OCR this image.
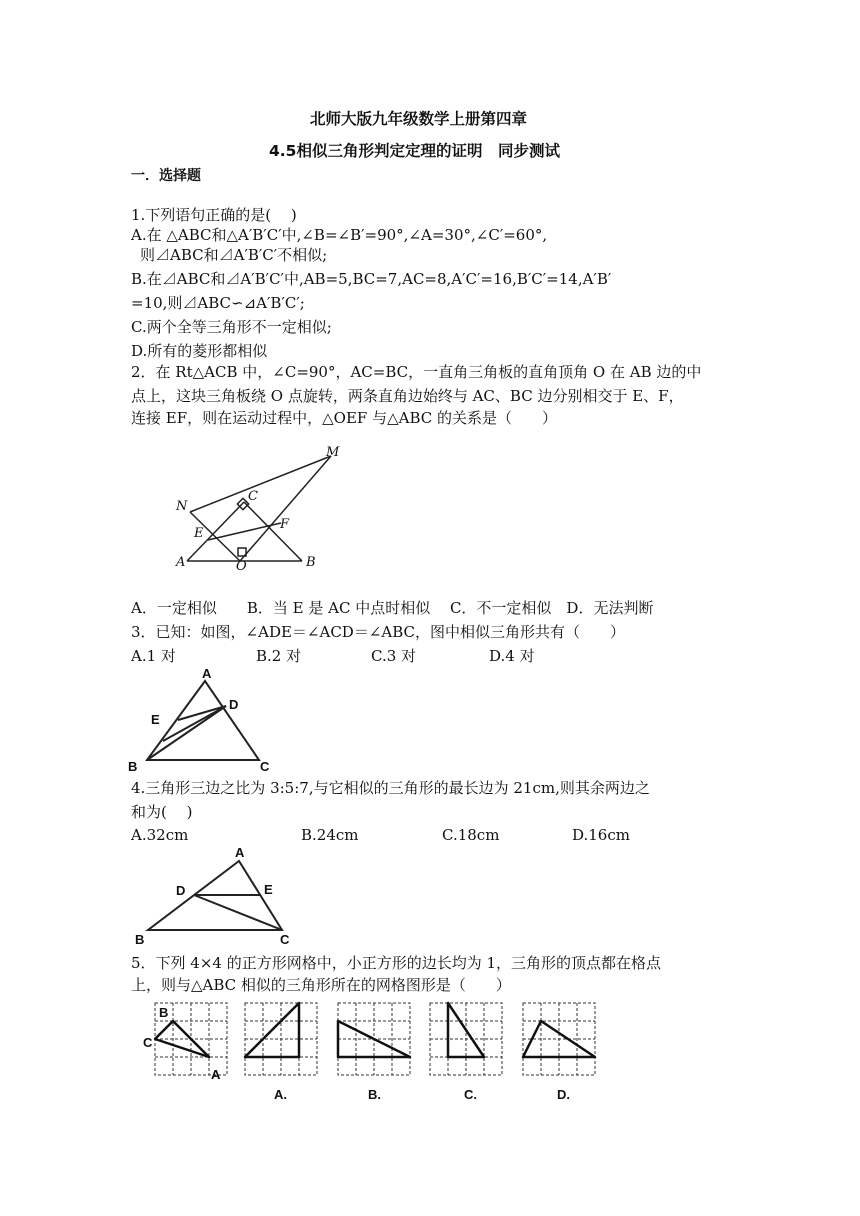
北师大版九年级数学上册第四章
4.5相似三角形判定定理的证明　同步测试
一．选择题
1.下列语句正确的是(　 )
A.在 △ABC和△A′B′C′中,∠B=∠B′=90°,∠A=30°,∠C′=60°,
则⊿ABC和⊿A′B′C′不相似;
B.在⊿ABC和⊿A′B′C′中,AB=5,BC=7,AC=8,A′C′=16,B′C′=14,A′B′
=10,则⊿ABC∽⊿A′B′C′;
C.两个全等三角形不一定相似;
D.所有的菱形都相似
2．在 Rt△ACB 中，∠C=90°，AC=BC，一直角三角板的直角顶角 O 在 AB 边的中
点上，这块三角板绕 O 点旋转，两条直角边始终与 AC、BC 边分别相交于 E、F，
连接 EF，则在运动过程中，△OEF 与△ABC 的关系是（　　）
M
N
C
E
F
A	O	B
A．一定相似　　B．当 E 是 AC 中点时相似　 C．不一定相似　D．无法判断
3．已知：如图，∠ADE＝∠ACD＝∠ABC，图中相似三角形共有（　　）
A.1 对	B.2 对	C.3 对	D.4 对
A
E
D
B	C
4.三角形三边之比为 3:5:7,与它相似的三角形的最长边为 21cm,则其余两边之
和为(　 )
A.32cm	B.24cm	C.18cm	D.16cm
A
D	E
B	C
5．下列 4×4 的正方形网格中，小正方形的边长均为 1，三角形的顶点都在格点
上，则与△ABC 相似的三角形所在的网格图形是（　　）
B
C
A
A.	B.	C.	D.
